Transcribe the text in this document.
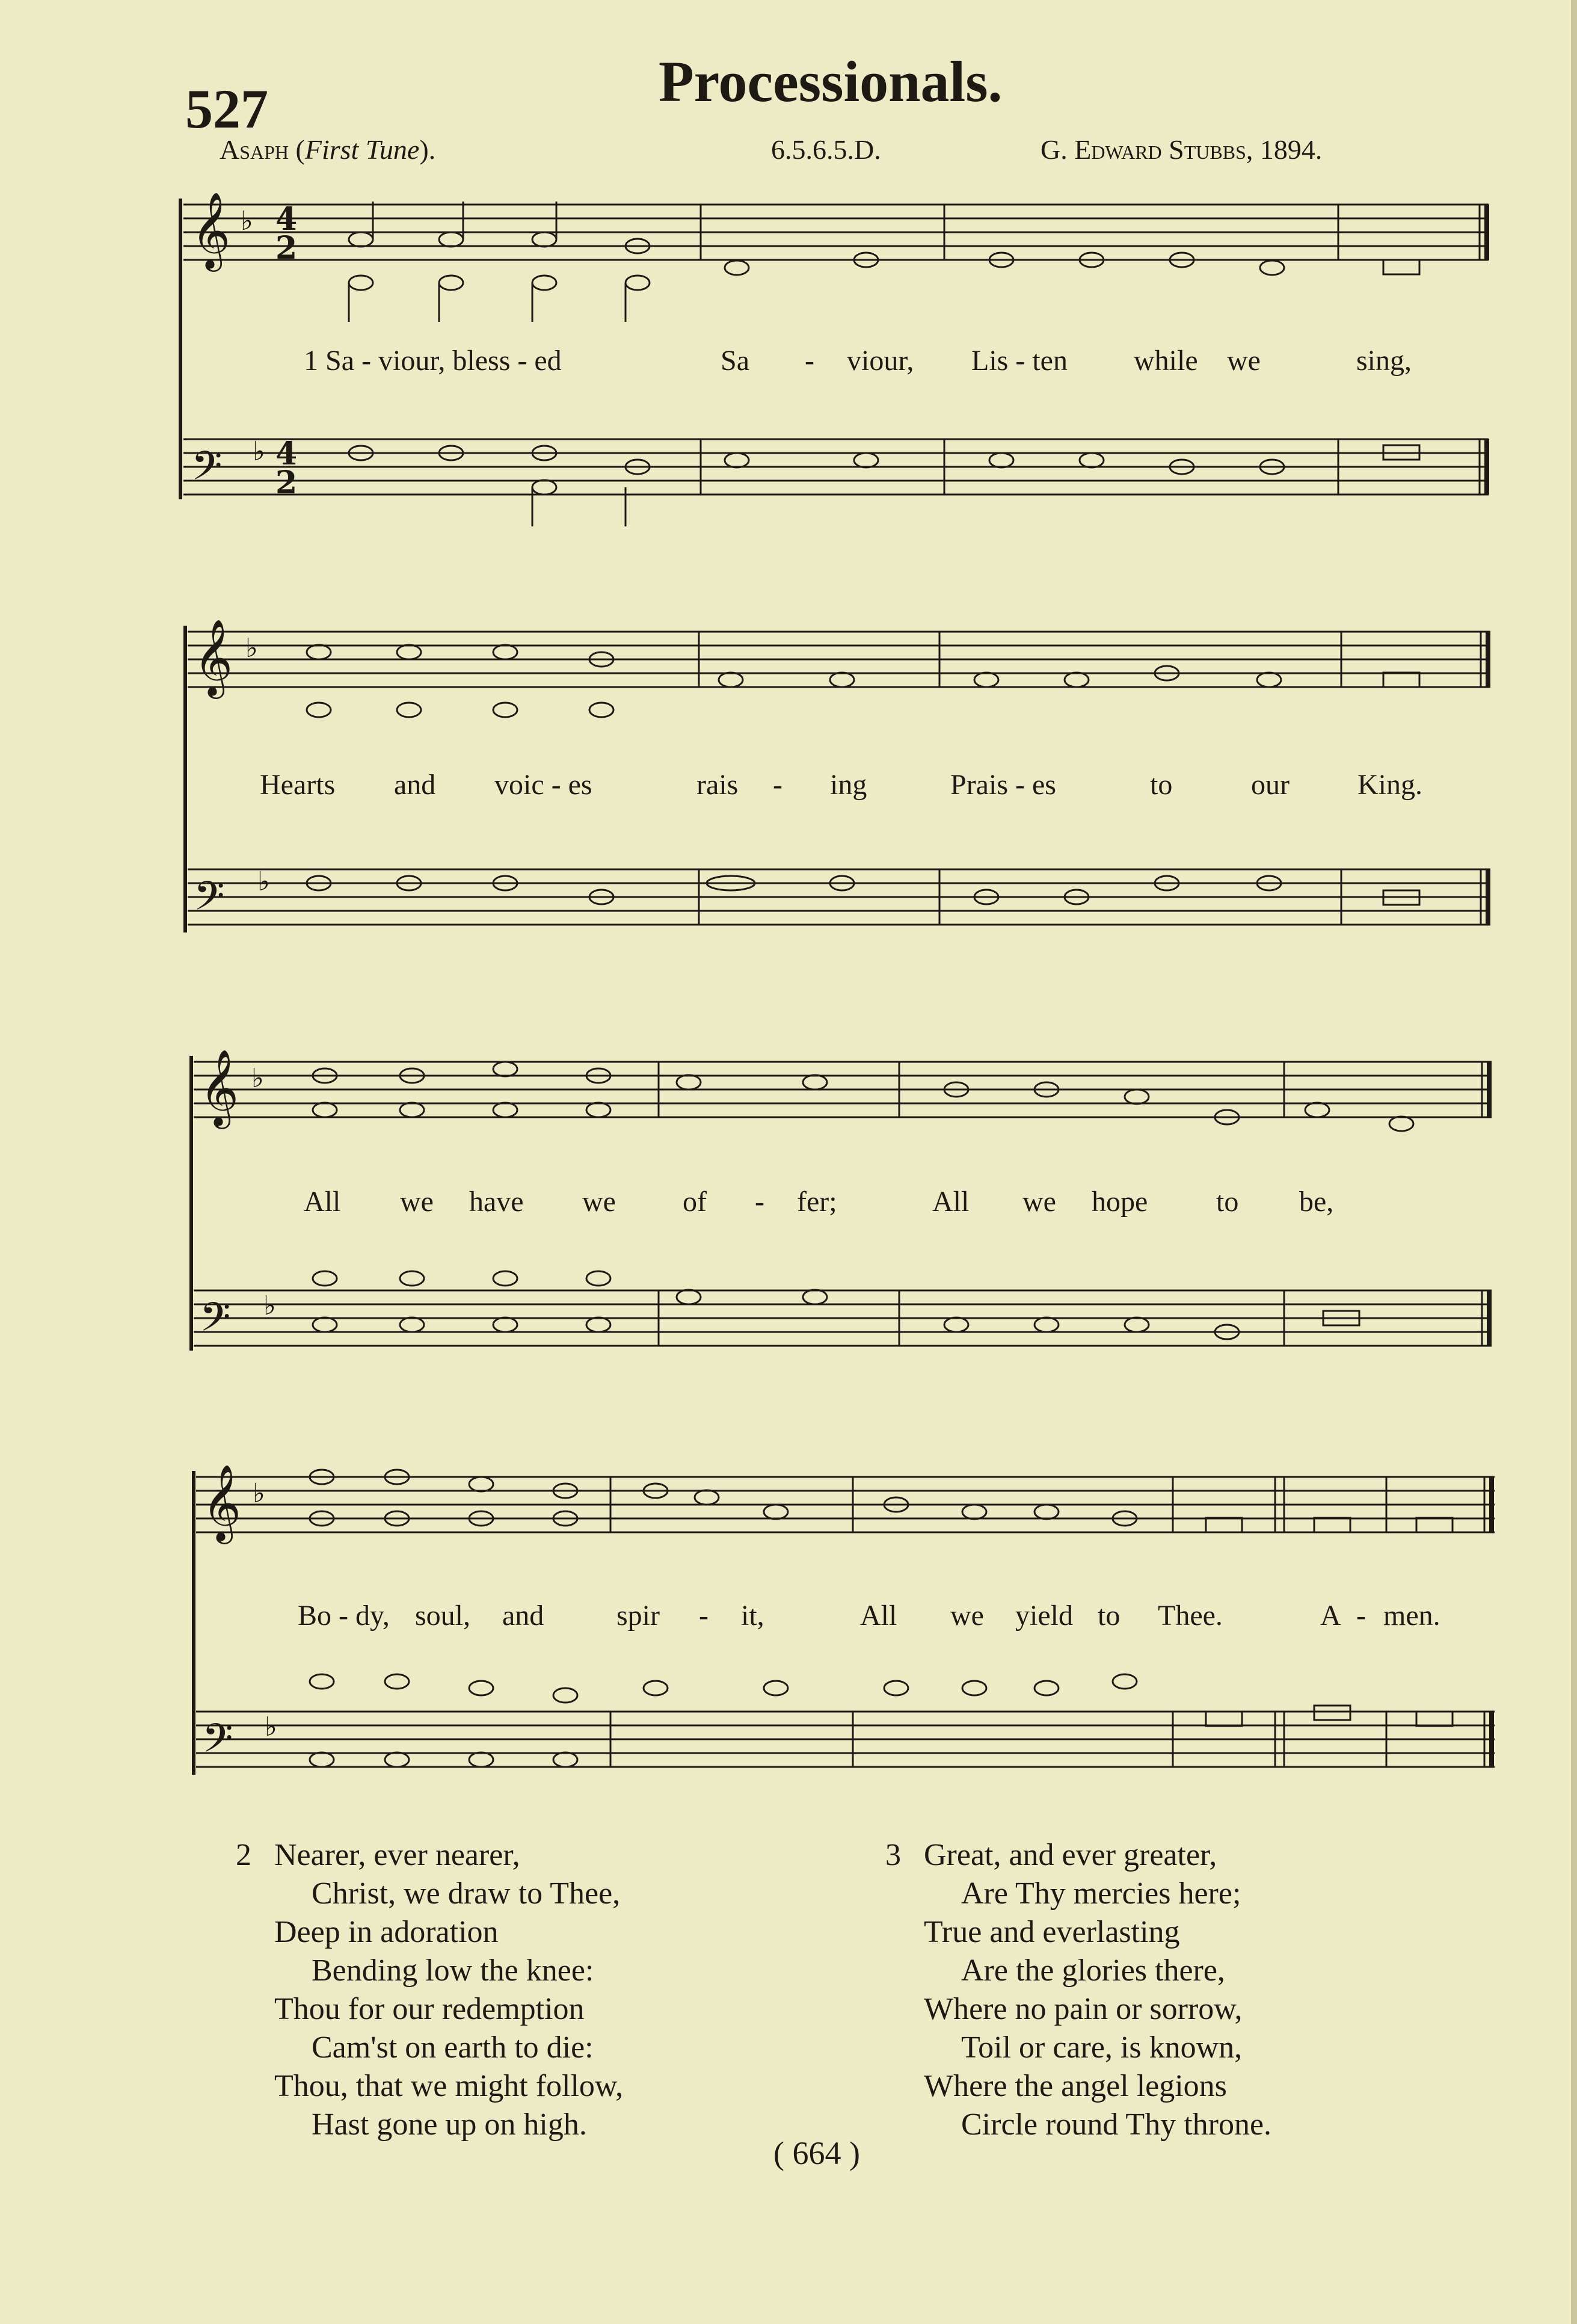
527	Processionals.
Asaph (First Tune).	6.5.6.5.D.	G. Edward Stubbs, 1894.
𝄞
𝄢
♭
♭
4
2
4
2
1 Sa - viour, bless - ed	Sa - viour, Lis - ten while we	sing,
𝄞
𝄢
♭
♭
Hearts and voic - es	rais - ing	Prais - es	to	our King.
𝄞
𝄢
♭
♭
All we have we of - fer;	All we hope to be,
𝄞
𝄢
♭
♭
Bo - dy, soul, and	spir - it,	All we yield to Thee.	A - men.
2 Nearer, ever nearer,
Christ, we draw to Thee,
Deep in adoration
Bending low the knee:
Thou for our redemption
Cam'st on earth to die:
Thou, that we might follow,
Hast gone up on high.
3 Great, and ever greater,
Are Thy mercies here;
True and everlasting
Are the glories there,
Where no pain or sorrow,
Toil or care, is known,
Where the angel legions
Circle round Thy throne.
( 664 )
